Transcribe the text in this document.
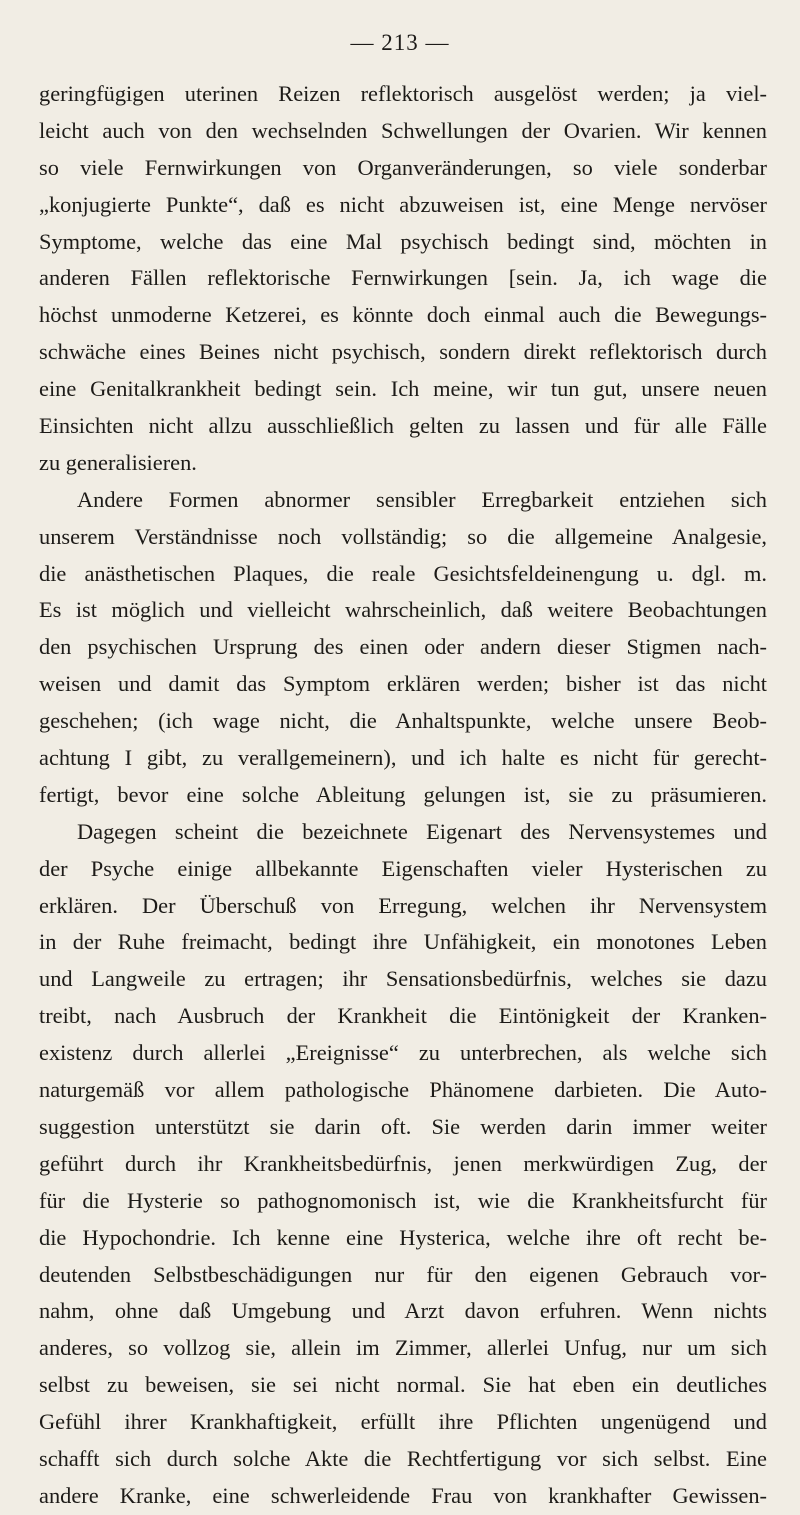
— 213 —
geringfügigen uterinen Reizen reflektorisch ausgelöst werden; ja viel-
leicht auch von den wechselnden Schwellungen der Ovarien. Wir kennen
so viele Fernwirkungen von Organveränderungen, so viele sonderbar
„konjugierte Punkte“, daß es nicht abzuweisen ist, eine Menge nervöser
Symptome, welche das eine Mal psychisch bedingt sind, möchten in
anderen Fällen reflektorische Fernwirkungen [sein. Ja, ich wage die
höchst unmoderne Ketzerei, es könnte doch einmal auch die Bewegungs-
schwäche eines Beines nicht psychisch, sondern direkt reflektorisch durch
eine Genitalkrankheit bedingt sein. Ich meine, wir tun gut, unsere neuen
Einsichten nicht allzu ausschließlich gelten zu lassen und für alle Fälle
zu generalisieren.
Andere Formen abnormer sensibler Erregbarkeit entziehen sich
unserem Verständnisse noch vollständig; so die allgemeine Analgesie,
die anästhetischen Plaques, die reale Gesichtsfeldeinengung u. dgl. m.
Es ist möglich und vielleicht wahrscheinlich, daß weitere Beobachtungen
den psychischen Ursprung des einen oder andern dieser Stigmen nach-
weisen und damit das Symptom erklären werden; bisher ist das nicht
geschehen; (ich wage nicht, die Anhaltspunkte, welche unsere Beob-
achtung I gibt, zu verallgemeinern), und ich halte es nicht für gerecht-
fertigt, bevor eine solche Ableitung gelungen ist, sie zu präsumieren.
Dagegen scheint die bezeichnete Eigenart des Nervensystemes und
der Psyche einige allbekannte Eigenschaften vieler Hysterischen zu
erklären. Der Überschuß von Erregung, welchen ihr Nervensystem
in der Ruhe freimacht, bedingt ihre Unfähigkeit, ein monotones Leben
und Langweile zu ertragen; ihr Sensationsbedürfnis, welches sie dazu
treibt, nach Ausbruch der Krankheit die Eintönigkeit der Kranken-
existenz durch allerlei „Ereignisse“ zu unterbrechen, als welche sich
naturgemäß vor allem pathologische Phänomene darbieten. Die Auto-
suggestion unterstützt sie darin oft. Sie werden darin immer weiter
geführt durch ihr Krankheitsbedürfnis, jenen merkwürdigen Zug, der
für die Hysterie so pathognomonisch ist, wie die Krankheitsfurcht für
die Hypochondrie. Ich kenne eine Hysterica, welche ihre oft recht be-
deutenden Selbstbeschädigungen nur für den eigenen Gebrauch vor-
nahm, ohne daß Umgebung und Arzt davon erfuhren. Wenn nichts
anderes, so vollzog sie, allein im Zimmer, allerlei Unfug, nur um sich
selbst zu beweisen, sie sei nicht normal. Sie hat eben ein deutliches
Gefühl ihrer Krankhaftigkeit, erfüllt ihre Pflichten ungenügend und
schafft sich durch solche Akte die Rechtfertigung vor sich selbst. Eine
andere Kranke, eine schwerleidende Frau von krankhafter Gewissen-
